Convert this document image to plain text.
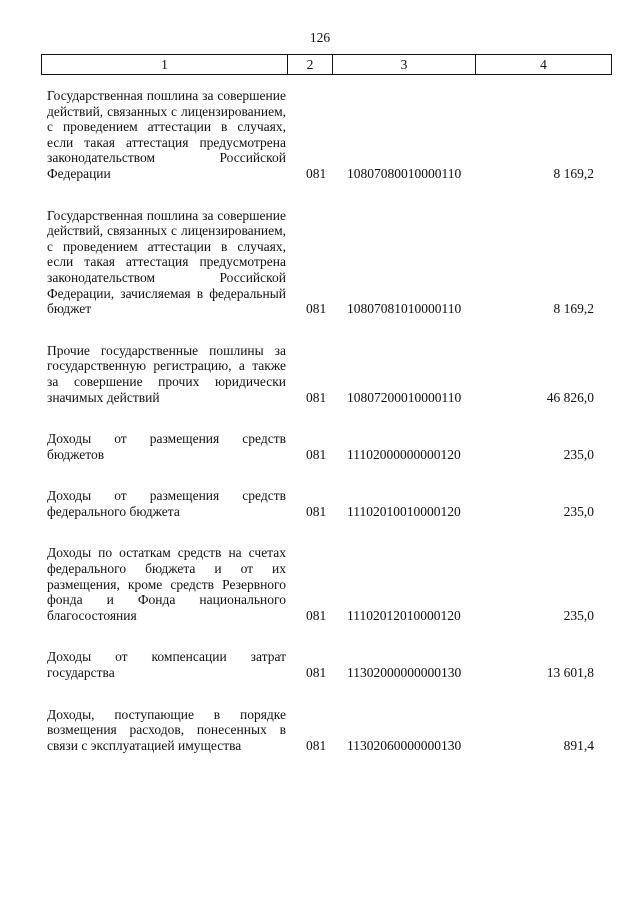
126
1	2	3	4
Государственная пошлина за совершение действий, связанных с лицензированием, с проведением аттестации в случаях, если такая аттестация предусмотрена законодательством Российской Федерации	081 10807080010000110	8 169,2
Государственная пошлина за совершение действий, связанных с лицензированием, с проведением аттестации в случаях, если такая аттестация предусмотрена законодательством Российской Федерации, зачисляемая в федеральный бюджет	081 10807081010000110	8 169,2
Прочие государственные пошлины за государственную регистрацию, а также за совершение прочих юридически значимых действий	081 10807200010000110	46 826,0
Доходы от размещения средств бюджетов	081 11102000000000120	235,0
Доходы от размещения средств федерального бюджета	081 11102010010000120	235,0
Доходы по остаткам средств на счетах федерального бюджета и от их размещения, кроме средств Резервного фонда и Фонда национального благосостояния	081 11102012010000120	235,0
Доходы от компенсации затрат государства	081 11302000000000130	13 601,8
Доходы, поступающие в порядке возмещения расходов, понесенных в связи с эксплуатацией имущества	081 11302060000000130	891,4
